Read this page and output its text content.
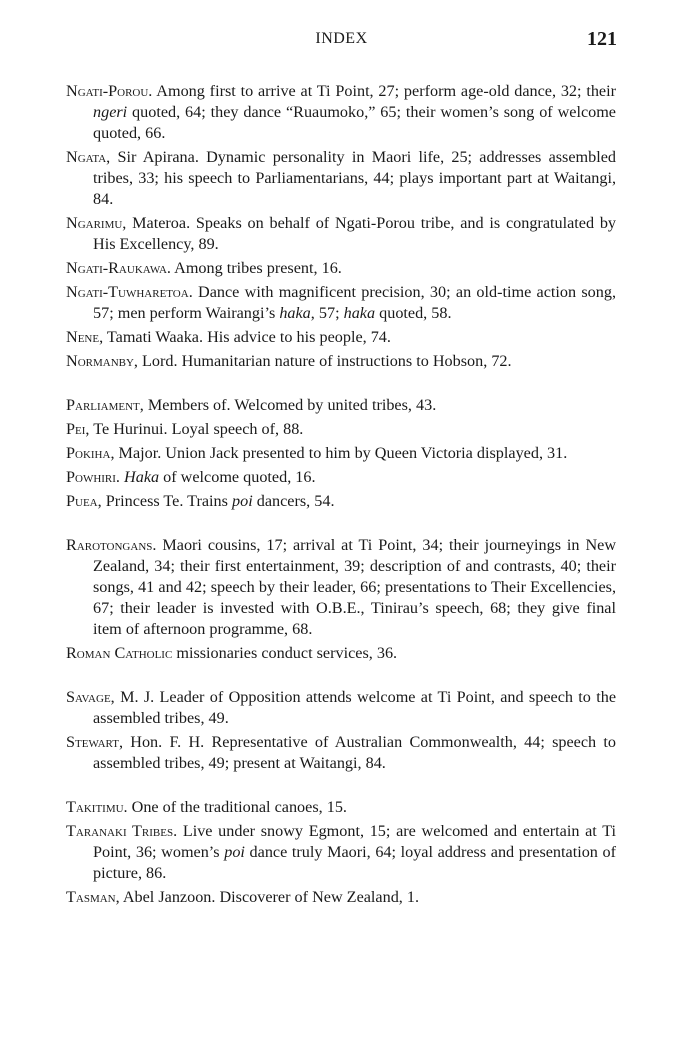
INDEX	121
Ngati-Porou. Among first to arrive at Ti Point, 27; perform age-old dance, 32; their ngeri quoted, 64; they dance “Ruaumoko,” 65; their women’s song of welcome quoted, 66.
Ngata, Sir Apirana. Dynamic personality in Maori life, 25; addresses assembled tribes, 33; his speech to Parliamentarians, 44; plays important part at Waitangi, 84.
Ngarimu, Materoa. Speaks on behalf of Ngati-Porou tribe, and is congratulated by His Excellency, 89.
Ngati-Raukawa. Among tribes present, 16.
Ngati-Tuwharetoa. Dance with magnificent precision, 30; an old-time action song, 57; men perform Wairangi’s haka, 57; haka quoted, 58.
Nene, Tamati Waaka. His advice to his people, 74.
Normanby, Lord. Humanitarian nature of instructions to Hobson, 72.
Parliament, Members of. Welcomed by united tribes, 43.
Pei, Te Hurinui. Loyal speech of, 88.
Pokiha, Major. Union Jack presented to him by Queen Victoria displayed, 31.
Powhiri. Haka of welcome quoted, 16.
Puea, Princess Te. Trains poi dancers, 54.
Rarotongans. Maori cousins, 17; arrival at Ti Point, 34; their journeyings in New Zealand, 34; their first entertainment, 39; description of and contrasts, 40; their songs, 41 and 42; speech by their leader, 66; presentations to Their Excellencies, 67; their leader is invested with O.B.E., Tinirau’s speech, 68; they give final item of afternoon programme, 68.
Roman Catholic missionaries conduct services, 36.
Savage, M. J. Leader of Opposition attends welcome at Ti Point, and speech to the assembled tribes, 49.
Stewart, Hon. F. H. Representative of Australian Commonwealth, 44; speech to assembled tribes, 49; present at Waitangi, 84.
Takitimu. One of the traditional canoes, 15.
Taranaki Tribes. Live under snowy Egmont, 15; are welcomed and entertain at Ti Point, 36; women’s poi dance truly Maori, 64; loyal address and presentation of picture, 86.
Tasman, Abel Janzoon. Discoverer of New Zealand, 1.
